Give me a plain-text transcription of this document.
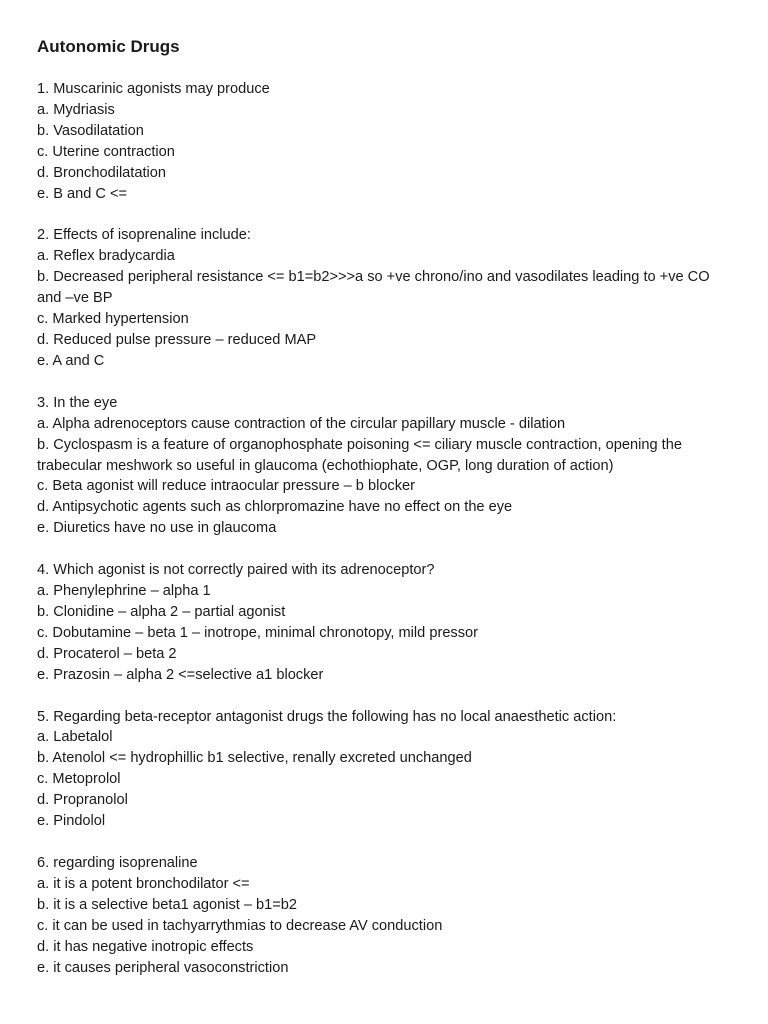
Autonomic Drugs

1. Muscarinic agonists may produce

a. Mydriasis

b. Vasodilatation

c. Uterine contraction

d. Bronchodilatation

e. B and C <=

2. Effects of isoprenaline include:

a. Reflex bradycardia

b. Decreased peripheral resistance <= b1=b2>>>a so +ve chrono/ino and vasodilates leading to +ve CO and –ve BP

c. Marked hypertension

d. Reduced pulse pressure – reduced MAP

e. A and C

3. In the eye

a. Alpha adrenoceptors cause contraction of the circular papillary muscle - dilation

b. Cyclospasm is a feature of organophosphate poisoning <= ciliary muscle contraction, opening the trabecular meshwork so useful in glaucoma (echothiophate, OGP, long duration of action)

c. Beta agonist will reduce intraocular pressure – b blocker

d. Antipsychotic agents such as chlorpromazine have no effect on the eye

e. Diuretics have no use in glaucoma

4. Which agonist is not correctly paired with its adrenoceptor?

a. Phenylephrine – alpha 1

b. Clonidine – alpha 2 – partial agonist

c. Dobutamine – beta 1 – inotrope, minimal chronotopy, mild pressor

d. Procaterol – beta 2

e. Prazosin – alpha 2 <=selective a1 blocker

5. Regarding beta-receptor antagonist drugs the following has no local anaesthetic action:

a. Labetalol

b. Atenolol <= hydrophillic b1 selective, renally excreted unchanged

c. Metoprolol

d. Propranolol

e. Pindolol

6. regarding isoprenaline

a. it is a potent bronchodilator <=

b. it is a selective beta1 agonist – b1=b2

c. it can be used in tachyarrythmias to decrease AV conduction

d. it has negative inotropic effects

e. it causes peripheral vasoconstriction
